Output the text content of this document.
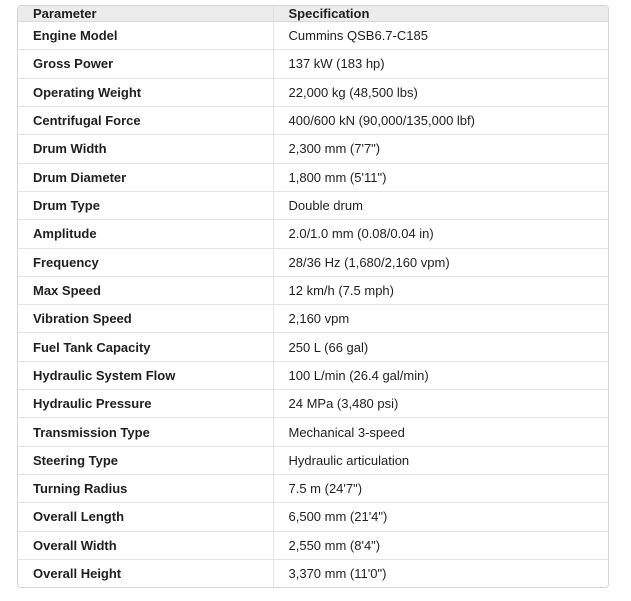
Parameter	Specification
Engine Model	Cummins QSB6.7-C185
Gross Power	137 kW (183 hp)
Operating Weight	22,000 kg (48,500 lbs)
Centrifugal Force	400/600 kN (90,000/135,000 lbf)
Drum Width	2,300 mm (7'7")
Drum Diameter	1,800 mm (5'11")
Drum Type	Double drum
Amplitude	2.0/1.0 mm (0.08/0.04 in)
Frequency	28/36 Hz (1,680/2,160 vpm)
Max Speed	12 km/h (7.5 mph)
Vibration Speed	2,160 vpm
Fuel Tank Capacity	250 L (66 gal)
Hydraulic System Flow	100 L/min (26.4 gal/min)
Hydraulic Pressure	24 MPa (3,480 psi)
Transmission Type	Mechanical 3-speed
Steering Type	Hydraulic articulation
Turning Radius	7.5 m (24'7")
Overall Length	6,500 mm (21'4")
Overall Width	2,550 mm (8'4")
Overall Height	3,370 mm (11'0")
